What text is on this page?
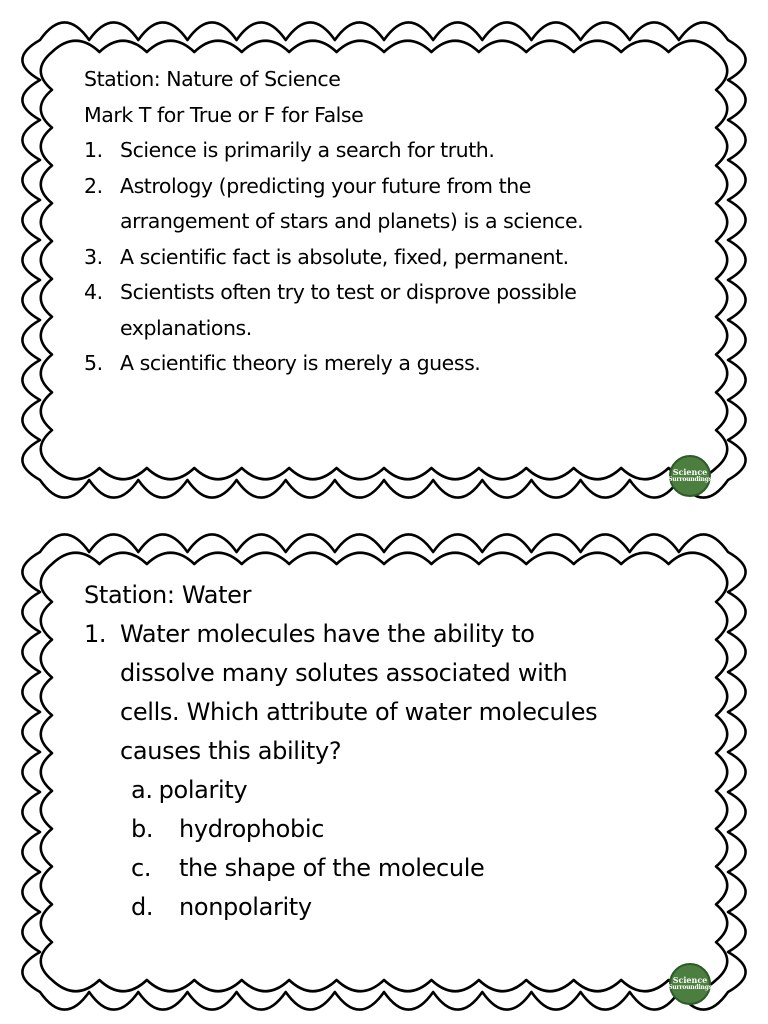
Station: Nature of Science
Mark T for True or F for False
1. Science is primarily a search for truth.
2. Astrology (predicting your future from the
arrangement of stars and planets) is a science.
3. A scientific fact is absolute, fixed, permanent.
4. Scientists often try to test or disprove possible
explanations.
5. A scientific theory is merely a guess.
Science
Surroundings
Station: Water
1. Water molecules have the ability to
dissolve many solutes associated with
cells. Which attribute of water molecules
causes this ability?
a. polarity
b.	hydrophobic
c.	the shape of the molecule
d.	nonpolarity
Science
Surroundings
